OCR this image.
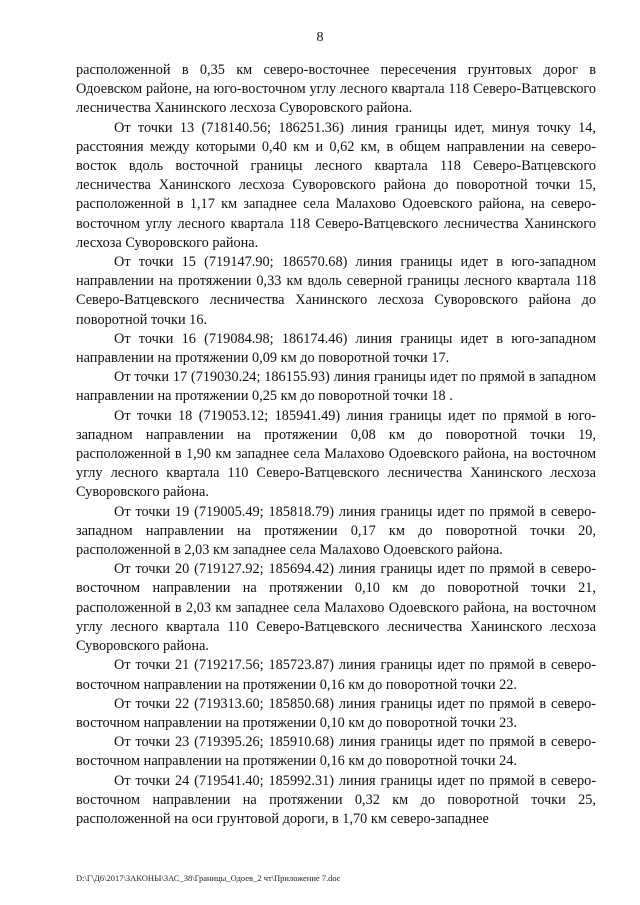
8

расположенной в 0,35 км северо-восточнее пересечения грунтовых дорог в Одоевском районе, на юго-восточном углу лесного квартала 118 Северо-Ватцевского лесничества Ханинского лесхоза Суворовского района.

От точки 13 (718140.56; 186251.36) линия границы идет, минуя точку 14, расстояния между которыми 0,40 км и 0,62 км, в общем направлении на северо-восток вдоль восточной границы лесного квартала 118 Северо-Ватцевского лесничества Ханинского лесхоза Суворовского района до поворотной точки 15, расположенной в 1,17 км западнее села Малахово Одоевского района, на северо-восточном углу лесного квартала 118 Северо-Ватцевского лесничества Ханинского лесхоза Суворовского района.

От точки 15 (719147.90; 186570.68) линия границы идет в юго-западном направлении на протяжении 0,33 км вдоль северной границы лесного квартала 118 Северо-Ватцевского лесничества Ханинского лесхоза Суворовского района до поворотной точки 16.

От точки 16 (719084.98; 186174.46) линия границы идет в юго-западном направлении на протяжении 0,09 км до поворотной точки 17.

От точки 17 (719030.24; 186155.93) линия границы идет по прямой в западном направлении на протяжении 0,25 км до поворотной точки 18 .

От точки 18 (719053.12; 185941.49) линия границы идет по прямой в юго-западном направлении на протяжении 0,08 км до поворотной точки 19, расположенной в 1,90 км западнее села Малахово Одоевского района, на восточном углу лесного квартала 110 Северо-Ватцевского лесничества Ханинского лесхоза Суворовского района.

От точки 19 (719005.49; 185818.79) линия границы идет по прямой в северо-западном направлении на протяжении 0,17 км до поворотной точки 20, расположенной в 2,03 км западнее села Малахово Одоевского района.

От точки 20 (719127.92; 185694.42) линия границы идет по прямой в северо-восточном направлении на протяжении 0,10 км до поворотной точки 21, расположенной в 2,03 км западнее села Малахово Одоевского района, на восточном углу лесного квартала 110 Северо-Ватцевского лесничества Ханинского лесхоза Суворовского района.

От точки 21 (719217.56; 185723.87) линия границы идет по прямой в северо-восточном направлении на протяжении 0,16 км до поворотной точки 22.

От точки 22 (719313.60; 185850.68) линия границы идет по прямой в северо-восточном направлении на протяжении 0,10 км до поворотной точки 23.

От точки 23 (719395.26; 185910.68) линия границы идет по прямой в северо-восточном направлении на протяжении 0,16 км до поворотной точки 24.

От точки 24 (719541.40; 185992.31) линия границы идет по прямой в северо-восточном направлении на протяжении 0,32 км до поворотной точки 25, расположенной на оси грунтовой дороги, в 1,70 км северо-западнее

D:\Г\Д6\2017\ЗАКОНЫ\ЗАС_38\Границы_Одоев_2 чт\Приложение 7.doc
